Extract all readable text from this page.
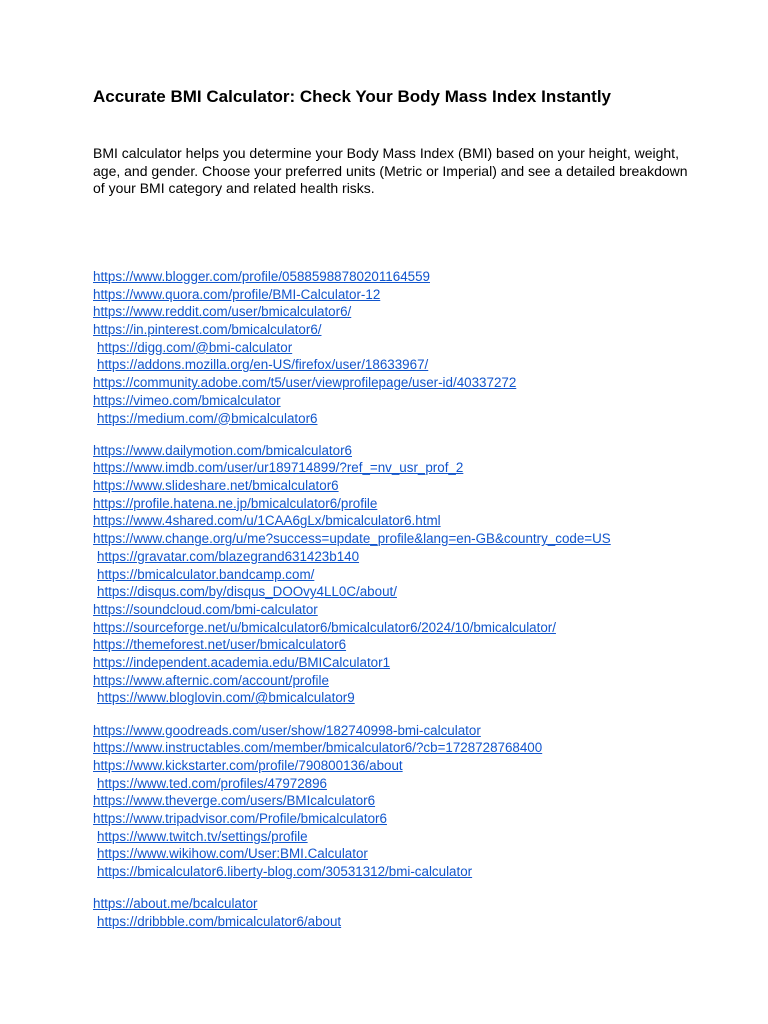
Accurate BMI Calculator: Check Your Body Mass Index Instantly

BMI calculator helps you determine your Body Mass Index (BMI) based on your height, weight, age, and gender. Choose your preferred units (Metric or Imperial) and see a detailed breakdown of your BMI category and related health risks.

https://www.blogger.com/profile/05885988780201164559
https://www.quora.com/profile/BMI-Calculator-12
https://www.reddit.com/user/bmicalculator6/
https://in.pinterest.com/bmicalculator6/
https://digg.com/@bmi-calculator
https://addons.mozilla.org/en-US/firefox/user/18633967/
https://community.adobe.com/t5/user/viewprofilepage/user-id/40337272
https://vimeo.com/bmicalculator
https://medium.com/@bmicalculator6
https://www.dailymotion.com/bmicalculator6
https://www.imdb.com/user/ur189714899/?ref_=nv_usr_prof_2
https://www.slideshare.net/bmicalculator6
https://profile.hatena.ne.jp/bmicalculator6/profile
https://www.4shared.com/u/1CAA6gLx/bmicalculator6.html
https://www.change.org/u/me?success=update_profile&lang=en-GB&country_code=US
https://gravatar.com/blazegrand631423b140
https://bmicalculator.bandcamp.com/
https://disqus.com/by/disqus_DOOvy4LL0C/about/
https://soundcloud.com/bmi-calculator
https://sourceforge.net/u/bmicalculator6/bmicalculator6/2024/10/bmicalculator/
https://themeforest.net/user/bmicalculator6
https://independent.academia.edu/BMICalculator1
https://www.afternic.com/account/profile
https://www.bloglovin.com/@bmicalculator9
https://www.goodreads.com/user/show/182740998-bmi-calculator
https://www.instructables.com/member/bmicalculator6/?cb=1728728768400
https://www.kickstarter.com/profile/790800136/about
https://www.ted.com/profiles/47972896
https://www.theverge.com/users/BMIcalculator6
https://www.tripadvisor.com/Profile/bmicalculator6
https://www.twitch.tv/settings/profile
https://www.wikihow.com/User:BMI.Calculator
https://bmicalculator6.liberty-blog.com/30531312/bmi-calculator
https://about.me/bcalculator
https://dribbble.com/bmicalculator6/about
